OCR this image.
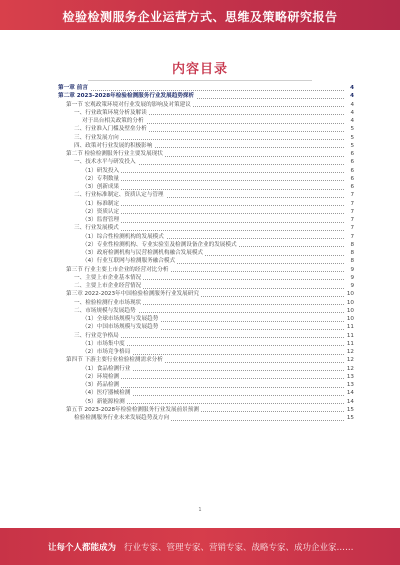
检验检测服务企业运营方式、思维及策略研究报告
内容目录
第一章 前言	4
第二章 2023-2028年检验检测服务行业发展趋势探析	4
第一节 宏观政策环境对行业发展的影响及对策建议	4
一、行业政策环境分析及解读	4
对于出台相关政策的分析	4
二、行业准入门槛及壁垒分析	5
三、行业发展方向	5
四、政策对行业发展的积极影响	5
第二节 检验检测服务行业主要发展现状	6
一、技术水平与研发投入	6
（1）研发投入	6
（2）专利数量	6
（3）创新成果	6
二、行业标准制定、资质认定与管理	7
（1）标准制定	7
（2）资质认定	7
（3）监督管理	7
三、行业发展模式	7
（1）综合性检测机构的发展模式	7
（2）专业性检测机构、专业实验室及检测设备企业的发展模式	8
（3）政府检测机构与民营检测机构融合发展模式	8
（4）行业互联网与检测服务融合模式	8
第三节 行业主要上市企业的经营对比分析	9
一、主要上市企业基本情况	9
二、主要上市企业经营情况	9
第三章 2022-2023年中国检验检测服务行业发展研究	10
一、检验检测行业市场现状	10
二、市场规模与发展趋势	10
（1）全球市场规模与发展趋势	10
（2）中国市场规模与发展趋势	11
三、行业竞争格局	11
（1）市场集中度	11
（2）市场竞争格局	12
第四节 下游主要行业检验检测需求分析	12
（1）食品检测行业	12
（2）环境检测	13
（3）药品检测	13
（4）医疗器械检测	14
（5）新能源检测	14
第五节 2023-2028年检验检测服务行业发展前景预测	15
检验检测服务行业未来发展趋势及方向	15
1
让每个人都能成为 行业专家、管理专家、营销专家、战略专家、成功企业家……
